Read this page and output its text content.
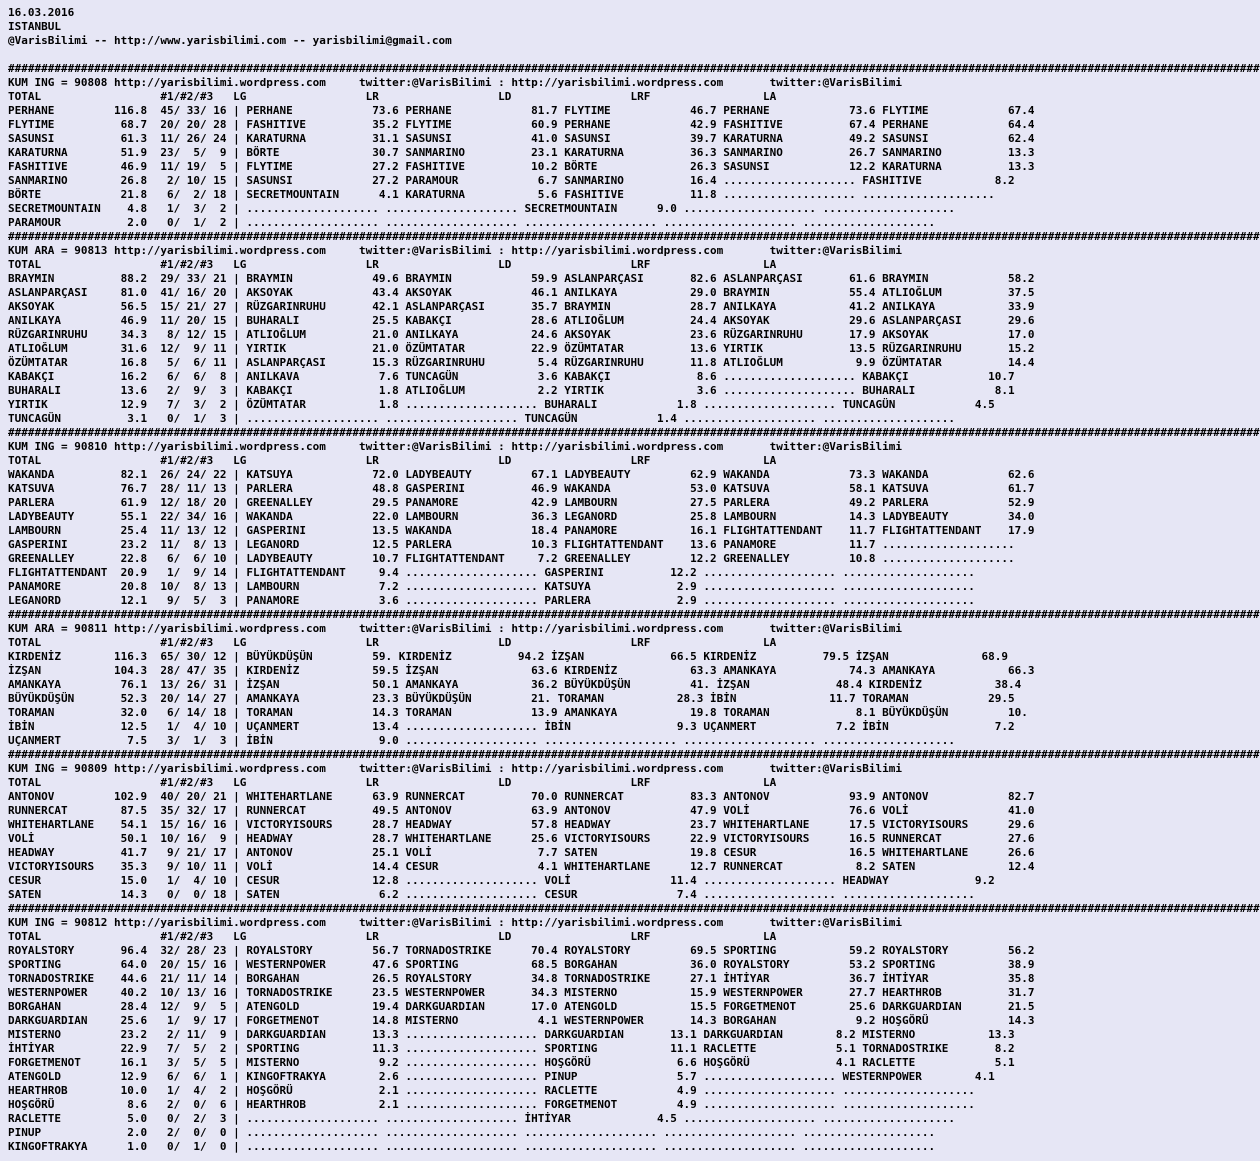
16.03.2016
ISTANBUL
@VarisBilimi -- http://www.yarisbilimi.com -- yarisbilimi@gmail.com

#############################################################################################################################################################################################
KUM ING = 90808 http://yarisbilimi.wordpress.com     twitter:@VarisBilimi : http://yarisbilimi.wordpress.com       twitter:@VarisBilimi
TOTAL                  #1/#2/#3   LG                  LR                  LD                  LRF                 LA
PERHANE         116.8  45/ 33/ 16 | PERHANE            73.6 PERHANE            81.7 FLYTIME            46.7 PERHANE            73.6 FLYTIME            67.4
FLYTIME          68.7  20/ 20/ 28 | FASHITIVE          35.2 FLYTIME            60.9 PERHANE            42.9 FASHITIVE          67.4 PERHANE            64.4
SASUNSI          61.3  11/ 26/ 24 | KARATURNA          31.1 SASUNSI            41.0 SASUNSI            39.7 KARATURNA          49.2 SASUNSI            62.4
KARATURNA        51.9  23/  5/  9 | BÖRTE              30.7 SANMARINO          23.1 KARATURNA          36.3 SANMARINO          26.7 SANMARINO          13.3
FASHITIVE        46.9  11/ 19/  5 | FLYTIME            27.2 FASHITIVE          10.2 BÖRTE              26.3 SASUNSI            12.2 KARATURNA          13.3
SANMARINO        26.8   2/ 10/ 15 | SASUNSI            27.2 PARAMOUR            6.7 SANMARINO          16.4 .................... FASHITIVE           8.2
BÖRTE            21.8   6/  2/ 18 | SECRETMOUNTAIN      4.1 KARATURNA           5.6 FASHITIVE          11.8 .................... ....................
SECRETMOUNTAIN    4.8   1/  3/  2 | .................... .................... SECRETMOUNTAIN      9.0 .................... ....................
PARAMOUR          2.0   0/  1/  2 | .................... .................... .................... .................... ....................
#############################################################################################################################################################################################
KUM ARA = 90813 http://yarisbilimi.wordpress.com     twitter:@VarisBilimi : http://yarisbilimi.wordpress.com       twitter:@VarisBilimi
TOTAL                  #1/#2/#3   LG                  LR                  LD                  LRF                 LA
BRAYMIN          88.2  29/ 33/ 21 | BRAYMIN            49.6 BRAYMIN            59.9 ASLANPARÇASI       82.6 ASLANPARÇASI       61.6 BRAYMIN            58.2
ASLANPARÇASI     81.0  41/ 16/ 20 | AKSOYAK            43.4 AKSOYAK            46.1 ANILKAYA           29.0 BRAYMIN            55.4 ATLIOĞLUM          37.5
AKSOYAK          56.5  15/ 21/ 27 | RÜZGARINRUHU       42.1 ASLANPARÇASI       35.7 BRAYMIN            28.7 ANILKAYA           41.2 ANILKAYA           33.9
ANILKAYA         46.9  11/ 20/ 15 | BUHARALI           25.5 KABAKÇI            28.6 ATLIOĞLUM          24.4 AKSOYAK            29.6 ASLANPARÇASI       29.6
RÜZGARINRUHU     34.3   8/ 12/ 15 | ATLIOĞLUM          21.0 ANILKAYA           24.6 AKSOYAK            23.6 RÜZGARINRUHU       17.9 AKSOYAK            17.0
ATLIOĞLUM        31.6  12/  9/ 11 | YIRTIK             21.0 ÖZÜMTATAR          22.9 ÖZÜMTATAR          13.6 YIRTIK             13.5 RÜZGARINRUHU       15.2
ÖZÜMTATAR        16.8   5/  6/ 11 | ASLANPARÇASI       15.3 RÜZGARINRUHU        5.4 RÜZGARINRUHU       11.8 ATLIOĞLUM           9.9 ÖZÜMTATAR          14.4
KABAKÇI          16.2   6/  6/  8 | ANILKAVA            7.6 TUNCAGÜN            3.6 KABAKÇI             8.6 .................... KABAKÇI            10.7
BUHARALI         13.6   2/  9/  3 | KABAKÇI             1.8 ATLIOĞLUM           2.2 YIRTIK              3.6 .................... BUHARALI            8.1
YIRTIK           12.9   7/  3/  2 | ÖZÜMTATAR           1.8 .................... BUHARALI            1.8 .................... TUNCAGÜN            4.5
TUNCAGÜN          3.1   0/  1/  3 | .................... .................... TUNCAGÜN            1.4 .................... ....................
#############################################################################################################################################################################################
KUM ING = 90810 http://yarisbilimi.wordpress.com     twitter:@VarisBilimi : http://yarisbilimi.wordpress.com       twitter:@VarisBilimi
TOTAL                  #1/#2/#3   LG                  LR                  LD                  LRF                 LA
WAKANDA          82.1  26/ 24/ 22 | KATSUYA            72.0 LADYBEAUTY         67.1 LADYBEAUTY         62.9 WAKANDA            73.3 WAKANDA            62.6
KATSUVA          76.7  28/ 11/ 13 | PARLERA            48.8 GASPERINI          46.9 WAKANDA            53.0 KATSUVA            58.1 KATSUVA            61.7
PARLERA          61.9  12/ 18/ 20 | GREENALLEY         29.5 PANAMORE           42.9 LAMBOURN           27.5 PARLERA            49.2 PARLERA            52.9
LADYBEAUTY       55.1  22/ 34/ 16 | WAKANDA            22.0 LAMBOURN           36.3 LEGANORD           25.8 LAMBOURN           14.3 LADYBEAUTY         34.0
LAMBOURN         25.4  11/ 13/ 12 | GASPERINI          13.5 WAKANDA            18.4 PANAMORE           16.1 FLIGHTATTENDANT    11.7 FLIGHTATTENDANT    17.9
GASPERINI        23.2  11/  8/ 13 | LEGANORD           12.5 PARLERA            10.3 FLIGHTATTENDANT    13.6 PANAMORE           11.7 ....................
GREENALLEY       22.8   6/  6/ 10 | LADYBEAUTY         10.7 FLIGHTATTENDANT     7.2 GREENALLEY         12.2 GREENALLEY         10.8 ....................
FLIGHTATTENDANT  20.9   1/  9/ 14 | FLIGHTATTENDANT     9.4 .................... GASPERINI          12.2 .................... ....................
PANAMORE         20.8  10/  8/ 13 | LAMBOURN            7.2 .................... KATSUYA             2.9 .................... ....................
LEGANORD         12.1   9/  5/  3 | PANAMORE            3.6 .................... PARLERA             2.9 .................... ....................
#############################################################################################################################################################################################
KUM ARA = 90811 http://yarisbilimi.wordpress.com     twitter:@VarisBilimi : http://yarisbilimi.wordpress.com       twitter:@VarisBilimi
TOTAL                  #1/#2/#3   LG                  LR                  LD                  LRF                 LA
KIRDENİZ        116.3  65/ 30/ 12 | BÜYÜKDÜŞÜN         59. KIRDENİZ          94.2 İZŞAN             66.5 KIRDENİZ          79.5 İZŞAN              68.9
İZŞAN           104.3  28/ 47/ 35 | KIRDENİZ           59.5 İZŞAN              63.6 KIRDENİZ           63.3 AMANKAYA           74.3 AMANKAYA           66.3
AMANKAYA         76.1  13/ 26/ 31 | İZŞAN              50.1 AMANKAYA           36.2 BÜYÜKDÜŞÜN         41. İZŞAN             48.4 KIRDENİZ           38.4
BÜYÜKDÜŞÜN       52.3  20/ 14/ 27 | AMANKAYA           23.3 BÜYÜKDÜŞÜN         21. TORAMAN           28.3 İBİN              11.7 TORAMAN            29.5
TORAMAN          32.0   6/ 14/ 18 | TORAMAN            14.3 TORAMAN            13.9 AMANKAYA           19.8 TORAMAN             8.1 BÜYÜKDÜŞÜN         10.
İBİN             12.5   1/  4/ 10 | UÇANMERT           13.4 .................... İBİN                9.3 UÇANMERT            7.2 İBİN                7.2
UÇANMERT          7.5   3/  1/  3 | İBİN                9.0 .................... .................... .................... ....................
#############################################################################################################################################################################################
KUM ING = 90809 http://yarisbilimi.wordpress.com     twitter:@VarisBilimi : http://yarisbilimi.wordpress.com       twitter:@VarisBilimi
TOTAL                  #1/#2/#3   LG                  LR                  LD                  LRF                 LA
ANTONOV         102.9  40/ 20/ 21 | WHITEHARTLANE      63.9 RUNNERCAT          70.0 RUNNERCAT          83.3 ANTONOV            93.9 ANTONOV            82.7
RUNNERCAT        87.5  35/ 32/ 17 | RUNNERCAT          49.5 ANTONOV            63.9 ANTONOV            47.9 VOLİ               76.6 VOLİ               41.0
WHITEHARTLANE    54.1  15/ 16/ 16 | VICTORYISOURS      28.7 HEADWAY            57.8 HEADWAY            23.7 WHITEHARTLANE      17.5 VICTORYISOURS      29.6
VOLİ             50.1  10/ 16/  9 | HEADWAY            28.7 WHITEHARTLANE      25.6 VICTORYISOURS      22.9 VICTORYISOURS      16.5 RUNNERCAT          27.6
HEADWAY          41.7   9/ 21/ 17 | ANTONOV            25.1 VOLİ                7.7 SATEN              19.8 CESUR              16.5 WHITEHARTLANE      26.6
VICTORYISOURS    35.3   9/ 10/ 11 | VOLİ               14.4 CESUR               4.1 WHITEHARTLANE      12.7 RUNNERCAT           8.2 SATEN              12.4
CESUR            15.0   1/  4/ 10 | CESUR              12.8 .................... VOLİ               11.4 .................... HEADWAY             9.2
SATEN            14.3   0/  0/ 18 | SATEN               6.2 .................... CESUR               7.4 .................... ....................
#############################################################################################################################################################################################
KUM ING = 90812 http://yarisbilimi.wordpress.com     twitter:@VarisBilimi : http://yarisbilimi.wordpress.com       twitter:@VarisBilimi
TOTAL                  #1/#2/#3   LG                  LR                  LD                  LRF                 LA
ROYALSTORY       96.4  32/ 28/ 23 | ROYALSTORY         56.7 TORNADOSTRIKE      70.4 ROYALSTORY         69.5 SPORTING           59.2 ROYALSTORY         56.2
SPORTING         64.0  20/ 15/ 16 | WESTERNPOWER       47.6 SPORTING           68.5 BORGAHAN           36.0 ROYALSTORY         53.2 SPORTING           38.9
TORNADOSTRIKE    44.6  21/ 11/ 14 | BORGAHAN           26.5 ROYALSTORY         34.8 TORNADOSTRIKE      27.1 İHTİYAR            36.7 İHTİYAR            35.8
WESTERNPOWER     40.2  10/ 13/ 16 | TORNADOSTRIKE      23.5 WESTERNPOWER       34.3 MISTERNO           15.9 WESTERNPOWER       27.7 HEARTHROB          31.7
BORGAHAN         28.4  12/  9/  5 | ATENGOLD           19.4 DARKGUARDIAN       17.0 ATENGOLD           15.5 FORGETMENOT        25.6 DARKGUARDIAN       21.5
DARKGUARDIAN     25.6   1/  9/ 17 | FORGETMENOT        14.8 MISTERNO            4.1 WESTERNPOWER       14.3 BORGAHAN            9.2 HOŞGÖRÜ            14.3
MISTERNO         23.2   2/ 11/  9 | DARKGUARDIAN       13.3 .................... DARKGUARDIAN       13.1 DARKGUARDIAN        8.2 MISTERNO           13.3
İHTİYAR          22.9   7/  5/  2 | SPORTING           11.3 .................... SPORTING           11.1 RACLETTE            5.1 TORNADOSTRIKE       8.2
FORGETMENOT      16.1   3/  5/  5 | MISTERNO            9.2 .................... HOŞGÖRÜ             6.6 HOŞGÖRÜ             4.1 RACLETTE            5.1
ATENGOLD         12.9   6/  6/  1 | KINGOFTRAKYA        2.6 .................... PINUP               5.7 .................... WESTERNPOWER        4.1
HEARTHROB        10.0   1/  4/  2 | HOŞGÖRÜ             2.1 .................... RACLETTE            4.9 .................... ....................
HOŞGÖRÜ           8.6   2/  0/  6 | HEARTHROB           2.1 .................... FORGETMENOT         4.9 .................... ....................
RACLETTE          5.0   0/  2/  3 | .................... .................... İHTİYAR             4.5 .................... ....................
PINUP             2.0   2/  0/  0 | .................... .................... .................... .................... ....................
KINGOFTRAKYA      1.0   0/  1/  0 | .................... .................... .................... .................... ....................
